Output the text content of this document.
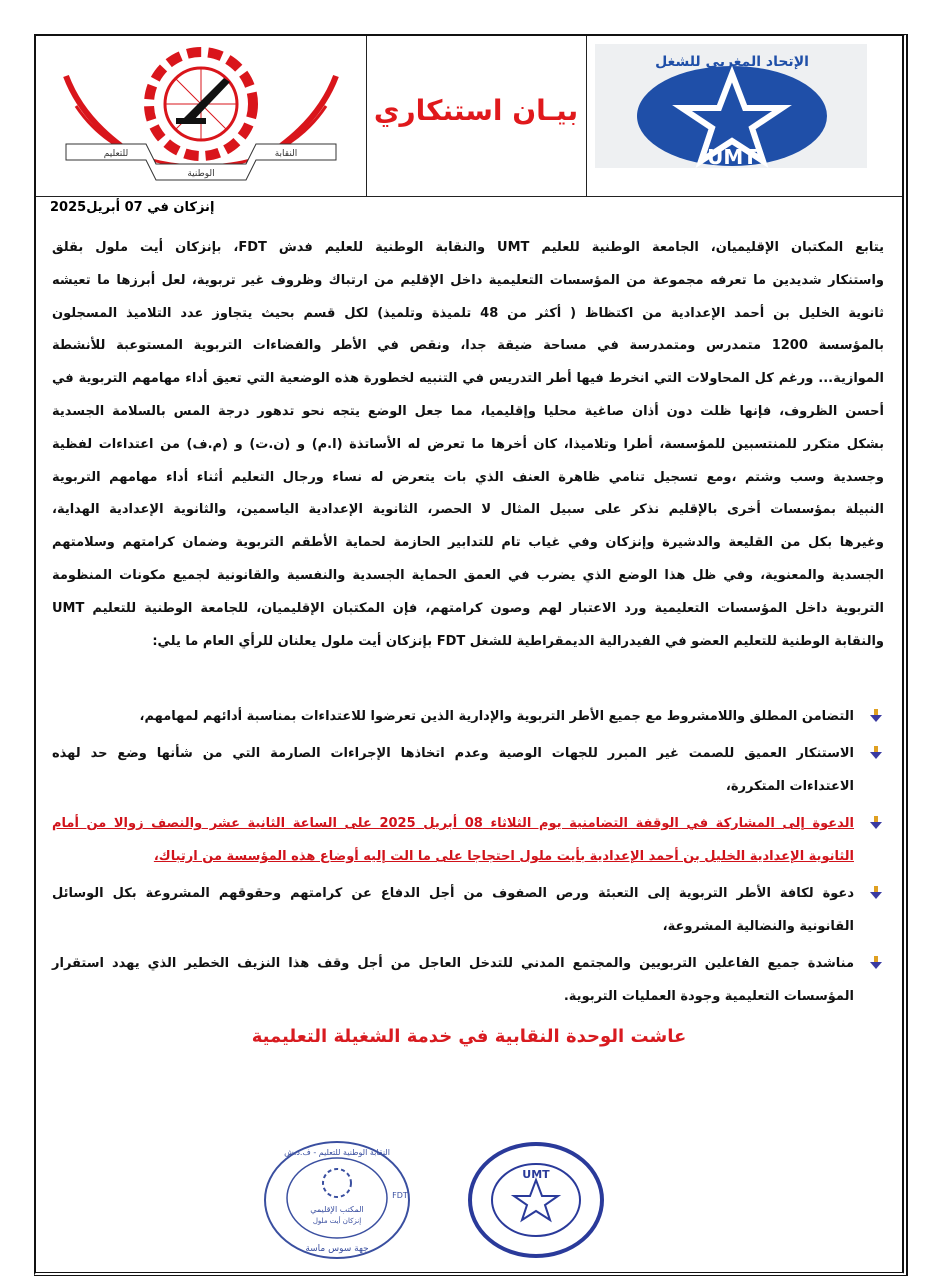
للتعليم
الوطنية
النقابة
بيـان استنكاري
الإتحاد المغربي للشغل
UMT
إنزكان في 07 أبريل2025
يتابع المكتبان الإقليميان، الجامعة الوطنية للعليم UMT والنقابة الوطنية للعليم فدش FDT، بإنزكان أيت ملول بقلق
واستنكار شديدين ما تعرفه مجموعة من المؤسسات التعليمية داخل الإقليم من ارتباك وظروف غير تربوية، لعل أبرزها ما تعيشه
ثانوية الخليل بن أحمد الإعدادية من اكتظاظ ( أكثر من 48 تلميذة وتلميذ) لكل قسم بحيث يتجاوز عدد التلاميذ المسجلون
بالمؤسسة 1200 متمدرس ومتمدرسة في مساحة ضيقة جدا، ونقص في الأطر والفضاءات التربوية المستوعبة للأنشطة
الموازية... ورغم كل المحاولات التي انخرط فيها أطر التدريس في التنبيه لخطورة هذه الوضعية التي تعيق أداء مهامهم التربوية في
أحسن الظروف، فإنها ظلت دون أذان صاغية محليا وإقليميا، مما جعل الوضع يتجه نحو تدهور درجة المس بالسلامة الجسدية
بشكل متكرر للمنتسبين للمؤسسة، أطرا وتلاميذا، كان أخرها ما تعرض له الأساتذة (ا.م) و (ن.ت) و (م.ف) من اعتداءات لفظية
وجسدية وسب وشتم ،ومع تسجيل تنامي ظاهرة العنف الذي بات يتعرض له نساء ورجال التعليم أثناء أداء مهامهم التربوية
النبيلة بمؤسسات أخرى بالإقليم نذكر على سبيل المثال لا الحصر، الثانوية الإعدادية الياسمين، والثانوية الإعدادية الهداية،
وغيرها بكل من القليعة والدشيرة وإنزكان وفي غياب تام للتدابير الحازمة لحماية الأطقم التربوية وضمان كرامتهم وسلامتهم
الجسدية والمعنوية، وفي ظل هذا الوضع الذي يضرب في العمق الحماية الجسدية والنفسية والقانونية لجميع مكونات المنظومة
التربوية داخل المؤسسات التعليمية ورد الاعتبار لهم وصون كرامتهم، فإن المكتبان الإقليميان، للجامعة الوطنية للتعليم UMT
والنقابة الوطنية للتعليم العضو في الفيدرالية الديمقراطية للشغل FDT بإنزكان أيت ملول يعلنان للرأي العام ما يلي:
التضامن المطلق واللامشروط مع جميع الأطر التربوية والإدارية الذين تعرضوا للاعتداءات بمناسبة أدائهم لمهامهم،
الاستنكار العميق للصمت غير المبرر للجهات الوصية وعدم اتخاذها الإجراءات الصارمة التي من شأنها وضع حد لهذه
الاعتداءات المتكررة،
الدعوة إلى المشاركة في الوقفة التضامنية يوم الثلاثاء 08 أبريل 2025 على الساعة الثانية عشر والنصف زوالا من أمام
الثانوية الإعدادية الخليل بن أحمد الإعدادية بأيت ملول احتجاجا على ما الت إليه أوضاع هذه المؤسسة من ارتباك،
دعوة لكافة الأطر التربوية إلى التعبئة ورص الصفوف من أجل الدفاع عن كرامتهم وحقوقهم المشروعة بكل الوسائل
القانونية والنضالية المشروعة،
مناشدة جميع الفاعلين التربويين والمجتمع المدني للتدخل العاجل من أجل وقف هذا النزيف الخطير الذي يهدد استقرار
المؤسسات التعليمية وجودة العمليات التربوية.
عاشت الوحدة النقابية في خدمة الشغيلة التعليمية
النقابة الوطنية للتعليم - ف.د.ش
FDT
المكتب الإقليمي
إنزكان أيت ملول
جهة سوس ماسة
UMT
